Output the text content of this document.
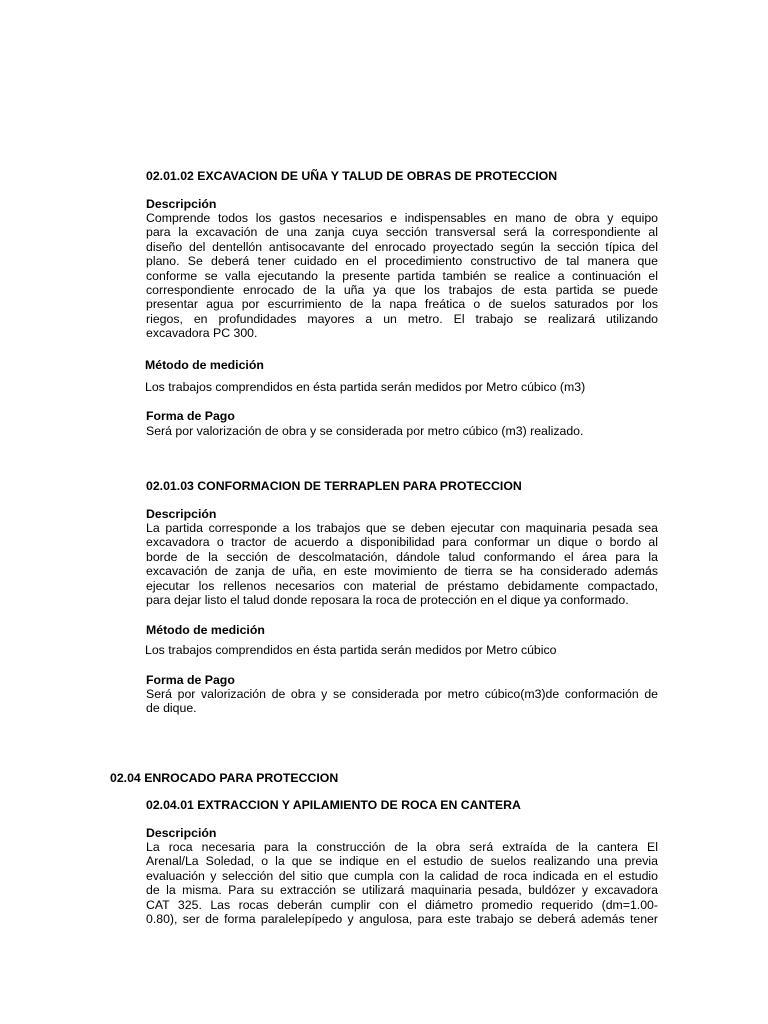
02.01.02 EXCAVACION DE UÑA Y TALUD DE OBRAS DE PROTECCION
Descripción
Comprende todos los gastos necesarios e indispensables en mano de obra y equipo
para la excavación de una zanja cuya sección transversal será la correspondiente al
diseño del dentellón antisocavante del enrocado proyectado según la sección típica del
plano. Se deberá tener cuidado en el procedimiento constructivo de tal manera que
conforme se valla ejecutando la presente partida también se realice a continuación el
correspondiente enrocado de la uña ya que los trabajos de esta partida se puede
presentar agua por escurrimiento de la napa freática o de suelos saturados por los
riegos, en profundidades mayores a un metro. El trabajo se realizará utilizando
excavadora PC 300.
Método de medición
Los trabajos comprendidos en ésta partida serán medidos por Metro cúbico (m3)
Forma de Pago
Será por valorización de obra y se considerada por metro cúbico (m3) realizado.
02.01.03 CONFORMACION DE TERRAPLEN PARA PROTECCION
Descripción
La partida corresponde a los trabajos que se deben ejecutar con maquinaria pesada sea
excavadora o tractor de acuerdo a disponibilidad para conformar un dique o bordo al
borde de la sección de descolmatación, dándole talud conformando el área para la
excavación de zanja de uña, en este movimiento de tierra se ha considerado además
ejecutar los rellenos necesarios con material de préstamo debidamente compactado,
para dejar listo el talud donde reposara la roca de protección en el dique ya conformado.
Método de medición
Los trabajos comprendidos en ésta partida serán medidos por Metro cúbico
Forma de Pago
Será por valorización de obra y se considerada por metro cúbico(m3)de conformación de
de dique.
02.04 ENROCADO PARA PROTECCION
02.04.01 EXTRACCION Y APILAMIENTO DE ROCA EN CANTERA
Descripción
La roca necesaria para la construcción de la obra será extraída de la cantera El
Arenal/La Soledad, o la que se indique en el estudio de suelos realizando una previa
evaluación y selección del sitio que cumpla con la calidad de roca indicada en el estudio
de la misma. Para su extracción se utilizará maquinaria pesada, buldózer y excavadora
CAT 325. Las rocas deberán cumplir con el diámetro promedio requerido (dm=1.00-
0.80), ser de forma paralelepípedo y angulosa, para este trabajo se deberá además tener
